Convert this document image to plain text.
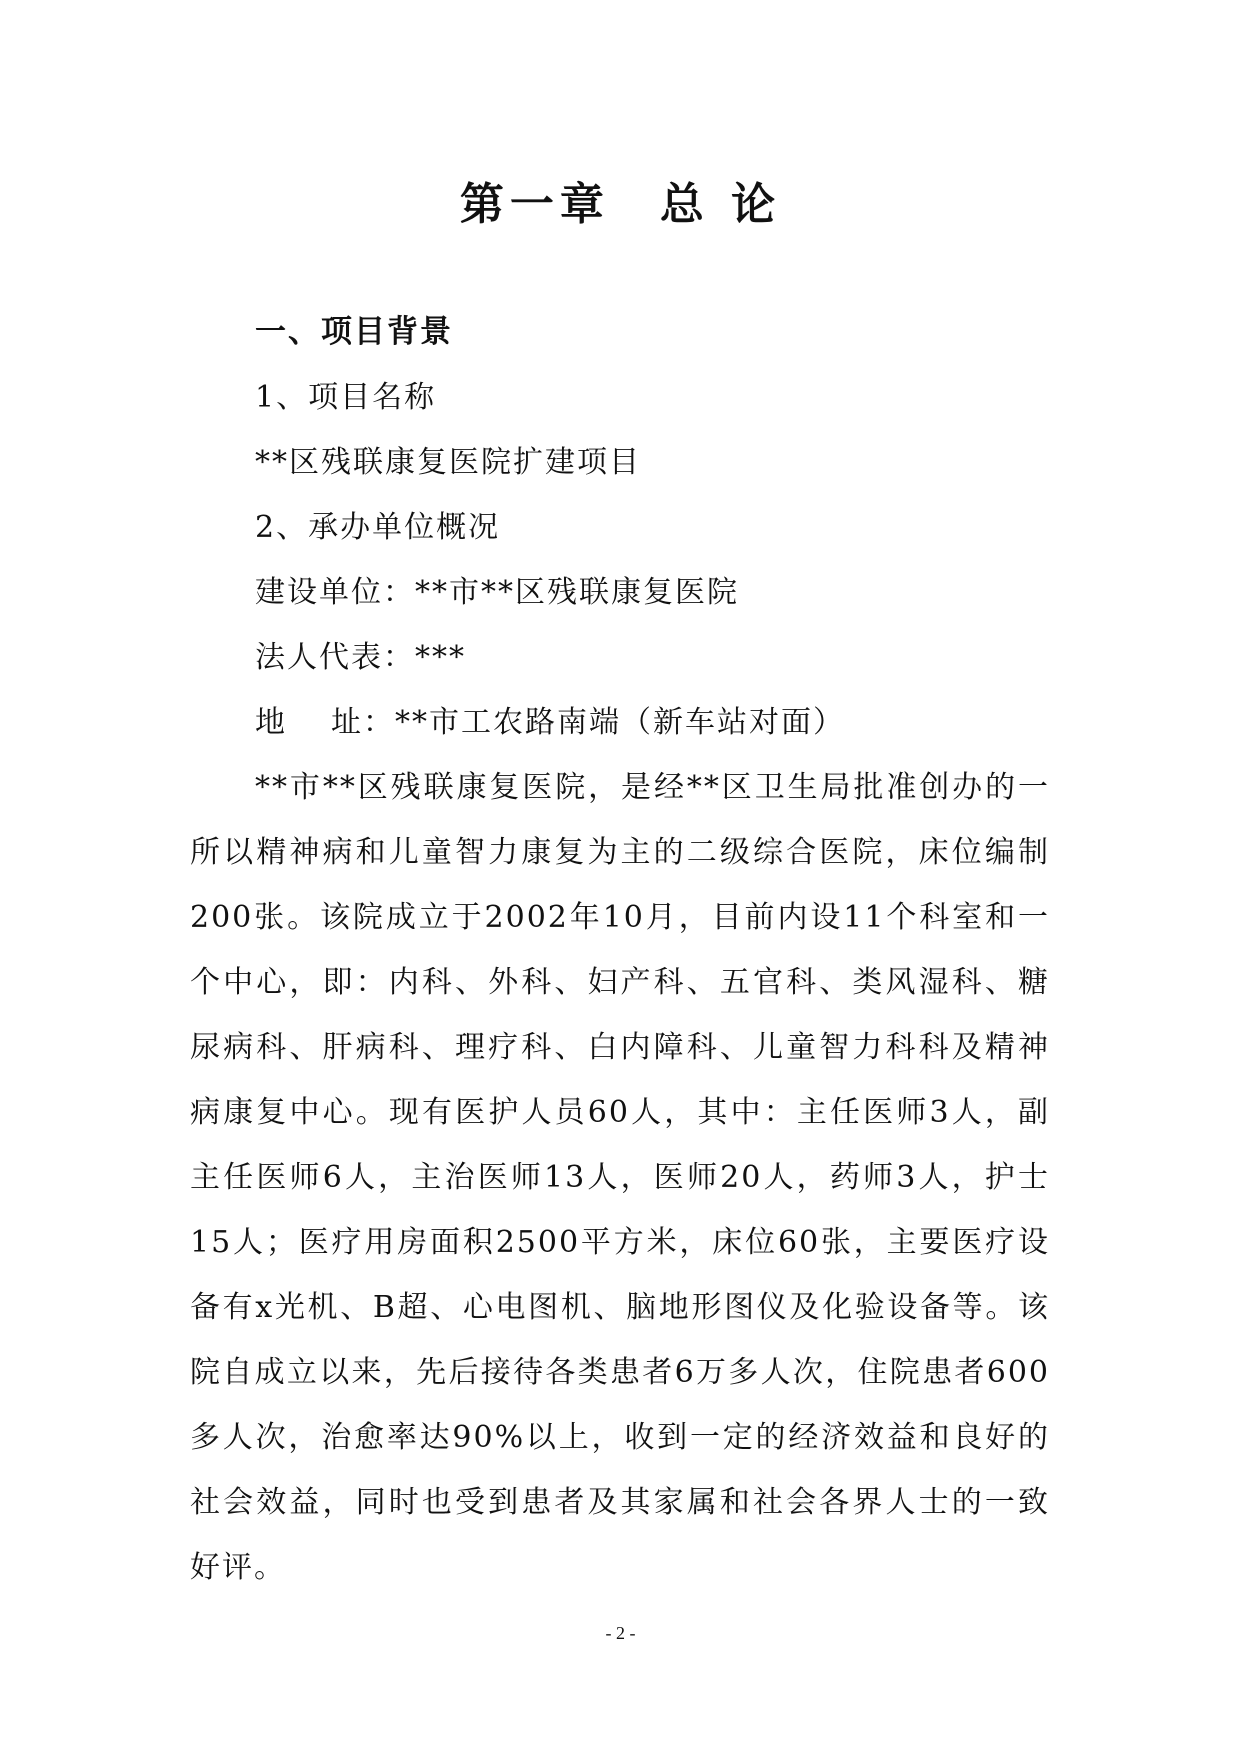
第一章 总 论
一、项目背景

1、项目名称

**区残联康复医院扩建项目

2、承办单位概况

建设单位：**市**区残联康复医院

法人代表：***

地 址：**市工农路南端（新车站对面）

**市**区残联康复医院，是经**区卫生局批准创办的一所以精神病和儿童智力康复为主的二级综合医院，床位编制200张。该院成立于2002年10月，目前内设11个科室和一个中心，即：内科、外科、妇产科、五官科、类风湿科、糖尿病科、肝病科、理疗科、白内障科、儿童智力科科及精神病康复中心。现有医护人员60人，其中：主任医师3人，副主任医师6人，主治医师13人，医师20人，药师3人，护士15人；医疗用房面积2500平方米，床位60张，主要医疗设备有x光机、B超、心电图机、脑地形图仪及化验设备等。该院自成立以来，先后接待各类患者6万多人次，住院患者600多人次，治愈率达90%以上，收到一定的经济效益和良好的社会效益，同时也受到患者及其家属和社会各界人士的一致好评。

- 2 -
